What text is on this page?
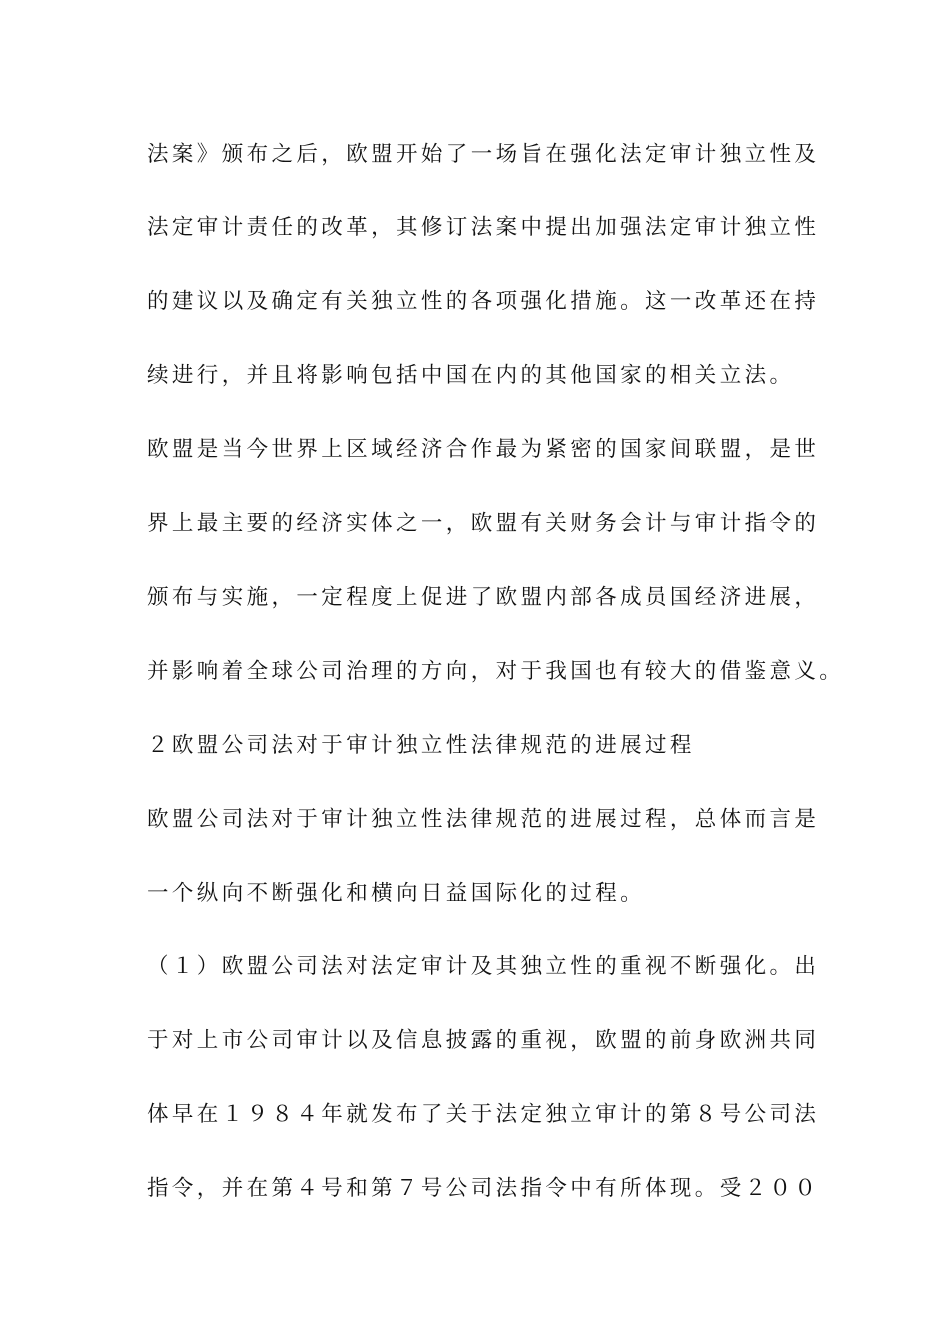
法案》颁布之后，欧盟开始了一场旨在强化法定审计独立性及
法定审计责任的改革，其修订法案中提出加强法定审计独立性
的建议以及确定有关独立性的各项强化措施。这一改革还在持
续进行，并且将影响包括中国在内的其他国家的相关立法。
欧盟是当今世界上区域经济合作最为紧密的国家间联盟，是世
界上最主要的经济实体之一，欧盟有关财务会计与审计指令的
颁布与实施，一定程度上促进了欧盟内部各成员国经济进展，
并影响着全球公司治理的方向，对于我国也有较大的借鉴意义。
２欧盟公司法对于审计独立性法律规范的进展过程
欧盟公司法对于审计独立性法律规范的进展过程，总体而言是
一个纵向不断强化和横向日益国际化的过程。
（１）欧盟公司法对法定审计及其独立性的重视不断强化。出
于对上市公司审计以及信息披露的重视，欧盟的前身欧洲共同
体早在１９８４年就发布了关于法定独立审计的第８号公司法
指令，并在第４号和第７号公司法指令中有所体现。受２００
